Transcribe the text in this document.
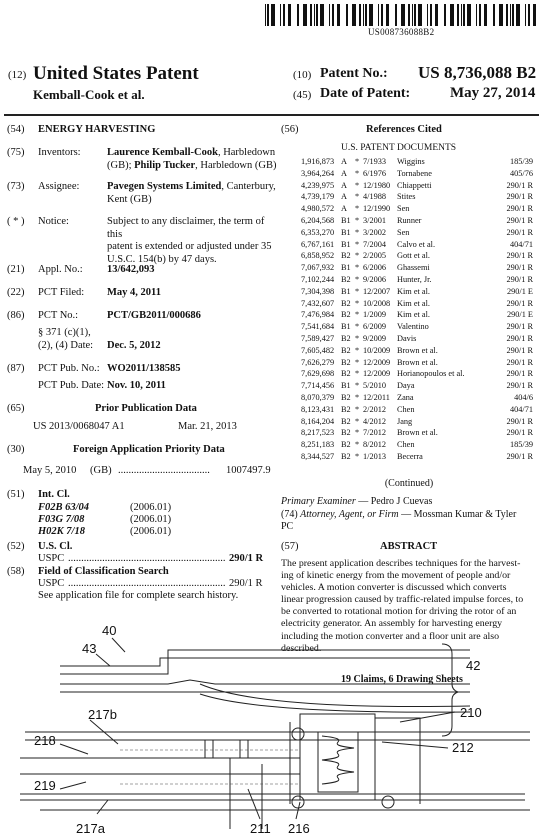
US008736088B2
(12) United States Patent
Kemball-Cook et al.
(10) Patent No.: US 8,736,088 B2
(45) Date of Patent:	May 27, 2014
(54) ENERGY HARVESTING
(75) Inventors:	Laurence Kemball-Cook, Harbledown
(GB); Philip Tucker, Harbledown (GB)
(73) Assignee:	Pavegen Systems Limited, Canterbury,
Kent (GB)
( * ) Notice:	Subject to any disclaimer, the term of this
patent is extended or adjusted under 35
U.S.C. 154(b) by 47 days.
(21) Appl. No.: 13/642,093
(22) PCT Filed: May 4, 2011
(86) PCT No.:	PCT/GB2011/000686
§ 371 (c)(1),
(2), (4) Date: Dec. 5, 2012
(87) PCT Pub. No.: WO2011/138585
PCT Pub. Date: Nov. 10, 2011
(65)	Prior Publication Data
US 2013/0068047 A1	Mar. 21, 2013
(30)	Foreign Application Priority Data
May 5, 2010 (GB) ...................................	1007497.9
(51) Int. Cl.
F02B 63/04	(2006.01)
F03G 7/08	(2006.01)
H02K 7/18	(2006.01)
(52) U.S. Cl.
USPC ............................................................ 290/1 R
(58) Field of Classification Search
USPC ............................................................ 290/1 R
See application file for complete search history.
(56)	References Cited
U.S. PATENT DOCUMENTS
1,916,873	A	*	7/1933	Wiggins	185/39
3,964,264	A	*	6/1976	Tornabene	405/76
4,239,975	A	*	12/1980	Chiappetti	290/1 R
4,739,179	A	*	4/1988	Stites	290/1 R
4,980,572	A	*	12/1990	Sen	290/1 R
6,204,568	B1	*	3/2001	Runner	290/1 R
6,353,270	B1	*	3/2002	Sen	290/1 R
6,767,161	B1	*	7/2004	Calvo et al.	404/71
6,858,952	B2	*	2/2005	Gott et al.	290/1 R
7,067,932	B1	*	6/2006	Ghassemi	290/1 R
7,102,244	B2	*	9/2006	Hunter, Jr.	290/1 R
7,304,398	B1	*	12/2007	Kim et al.	290/1 E
7,432,607	B2	*	10/2008	Kim et al.	290/1 R
7,476,984	B2	*	1/2009	Kim et al.	290/1 E
7,541,684	B1	*	6/2009	Valentino	290/1 R
7,589,427	B2	*	9/2009	Davis	290/1 R
7,605,482	B2	*	10/2009	Brown et al.	290/1 R
7,626,279	B2	*	12/2009	Brown et al.	290/1 R
7,629,698	B2	*	12/2009	Horianopoulos et al.	290/1 R
7,714,456	B1	*	5/2010	Daya	290/1 R
8,070,379	B2	*	12/2011	Zana	404/6
8,123,431	B2	*	2/2012	Chen	404/71
8,164,204	B2	*	4/2012	Jang	290/1 R
8,217,523	B2	*	7/2012	Brown et al.	290/1 R
8,251,183	B2	*	8/2012	Chen	185/39
8,344,527	B2	*	1/2013	Becerra	290/1 R
(Continued)
Primary Examiner — Pedro J Cuevas
(74) Attorney, Agent, or Firm — Mossman Kumar & Tyler
PC
(57)	ABSTRACT
The present application describes techniques for the harvest-
ing of kinetic energy from the movement of people and/or
vehicles. A motion converter is discussed which converts
linear progression caused by traffic-related impulse forces, to
be converted to rotational motion for driving the rotor of an
electricity generator. An assembly for harvesting energy
including the motion converter and a floor unit are also
described.
19 Claims, 6 Drawing Sheets
40
43
42
217b	210
218	212
219
217a	211 216
